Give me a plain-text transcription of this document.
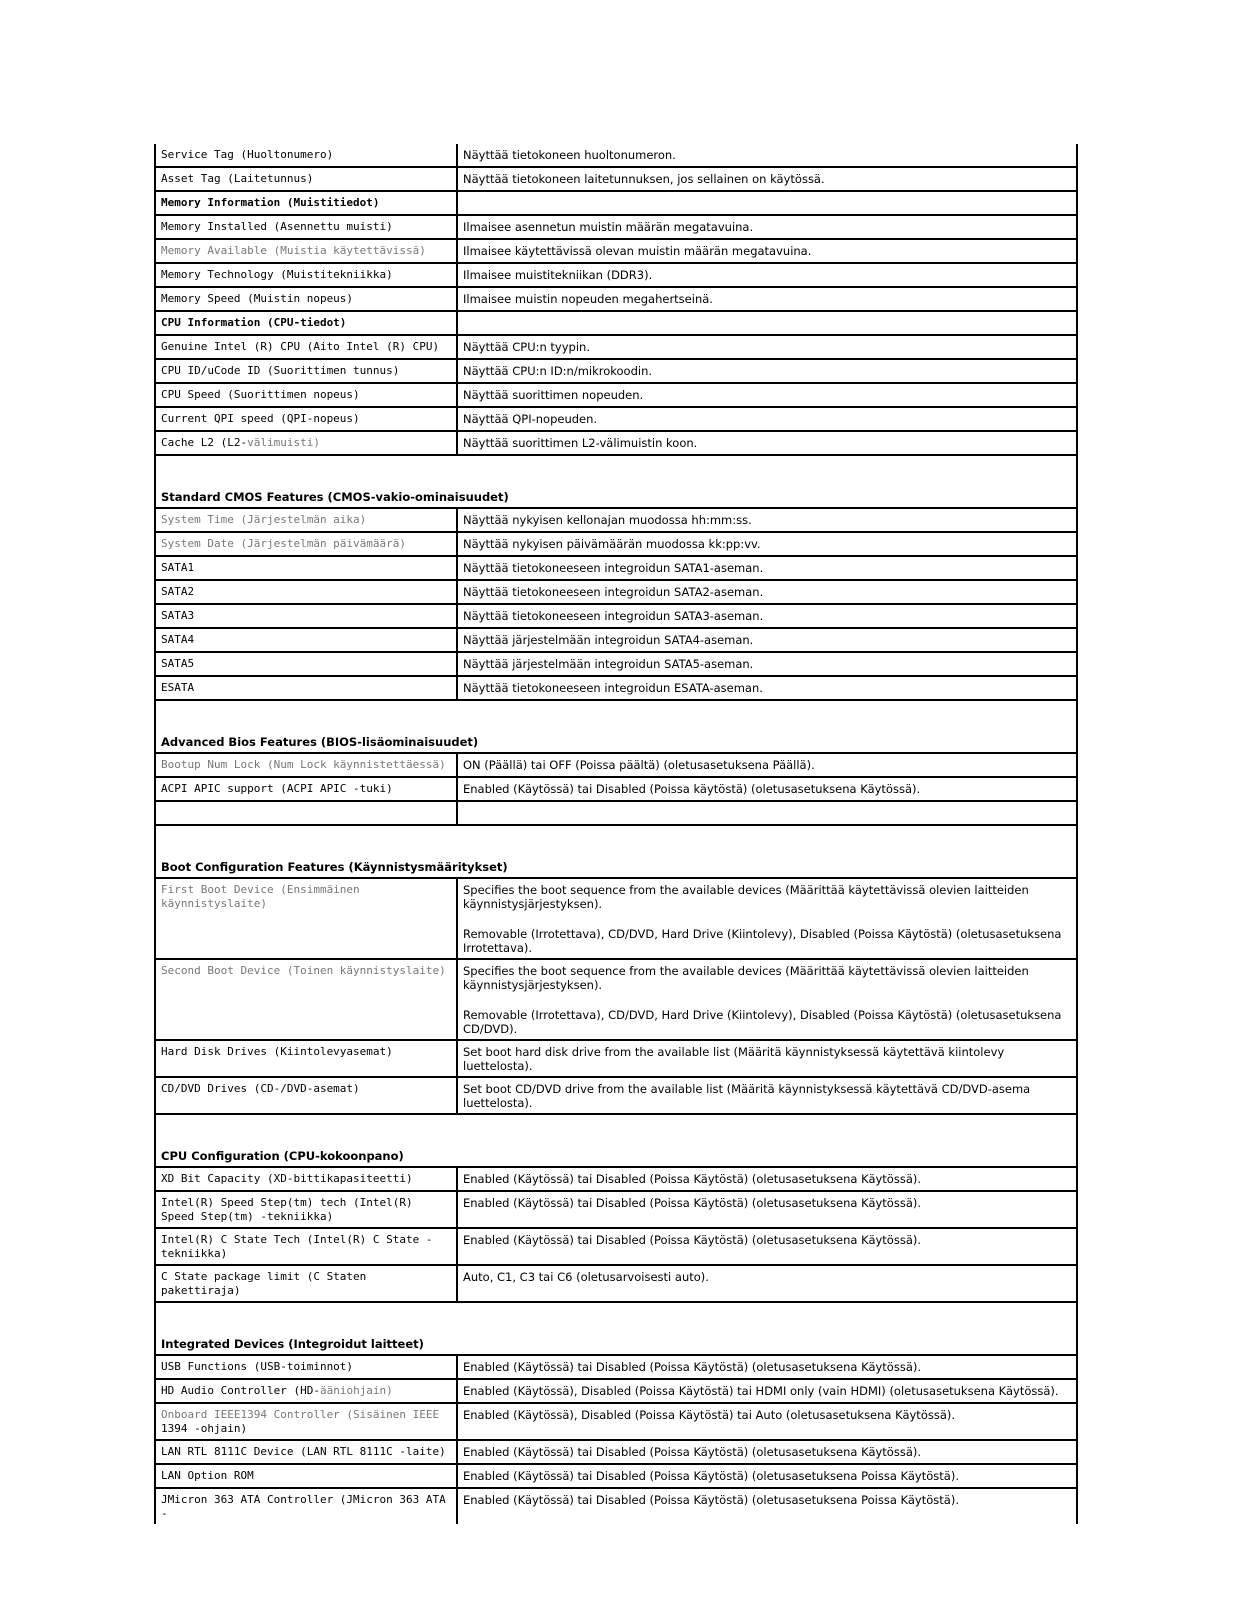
Service Tag (Huoltonumero)	Näyttää tietokoneen huoltonumeron.

Asset Tag (Laitetunnus)	Näyttää tietokoneen laitetunnuksen, jos sellainen on käytössä.

Memory Information (Muistitiedot)	
Memory Installed (Asennettu muisti)	Ilmaisee asennetun muistin määrän megatavuina.

Memory Available (Muistia käytettävissä)	Ilmaisee käytettävissä olevan muistin määrän megatavuina.

Memory Technology (Muistitekniikka)	Ilmaisee muistitekniikan (DDR3).

Memory Speed (Muistin nopeus)	Ilmaisee muistin nopeuden megahertseinä.

CPU Information (CPU-tiedot)	
Genuine Intel (R) CPU (Aito Intel (R) CPU)	Näyttää CPU:n tyypin.

CPU ID/uCode ID (Suorittimen tunnus)	Näyttää CPU:n ID:n/mikrokoodin.

CPU Speed (Suorittimen nopeus)	Näyttää suorittimen nopeuden.

Current QPI speed (QPI-nopeus)	Näyttää QPI-nopeuden.

Cache L2 (L2-välimuisti)	Näyttää suorittimen L2-välimuistin koon.

Standard CMOS Features (CMOS-vakio-ominaisuudet)	
System Time (Järjestelmän aika)	Näyttää nykyisen kellonajan muodossa hh:mm:ss.

System Date (Järjestelmän päivämäärä)	Näyttää nykyisen päivämäärän muodossa kk:pp:vv.

SATA1	Näyttää tietokoneeseen integroidun SATA1-aseman.

SATA2	Näyttää tietokoneeseen integroidun SATA2-aseman.

SATA3	Näyttää tietokoneeseen integroidun SATA3-aseman.

SATA4	Näyttää järjestelmään integroidun SATA4-aseman.

SATA5	Näyttää järjestelmään integroidun SATA5-aseman.

ESATA	Näyttää tietokoneeseen integroidun ESATA-aseman.

Advanced Bios Features (BIOS-lisäominaisuudet)	
Bootup Num Lock (Num Lock käynnistettäessä)	ON (Päällä) tai OFF (Poissa päältä) (oletusasetuksena Päällä).

ACPI APIC support (ACPI APIC -tuki)	Enabled (Käytössä) tai Disabled (Poissa käytöstä) (oletusasetuksena Käytössä).

Boot Configuration Features (Käynnistysmääritykset)	
First Boot Device (Ensimmäinen käynnistyslaite)	Specifies the boot sequence from the available devices (Määrittää käytettävissä olevien laitteiden käynnistysjärjestyksen).
Removable (Irrotettava), CD/DVD, Hard Drive (Kiintolevy), Disabled (Poissa Käytöstä) (oletusasetuksena Irrotettava).

Second Boot Device (Toinen käynnistyslaite)	Specifies the boot sequence from the available devices (Määrittää käytettävissä olevien laitteiden käynnistysjärjestyksen).
Removable (Irrotettava), CD/DVD, Hard Drive (Kiintolevy), Disabled (Poissa Käytöstä) (oletusasetuksena CD/DVD).

Hard Disk Drives (Kiintolevyasemat)	Set boot hard disk drive from the available list (Määritä käynnistyksessä käytettävä kiintolevy luettelosta).

CD/DVD Drives (CD-/DVD-asemat)	Set boot CD/DVD drive from the available list (Määritä käynnistyksessä käytettävä CD/DVD-asema luettelosta).

CPU Configuration (CPU-kokoonpano)	
XD Bit Capacity (XD-bittikapasiteetti)	Enabled (Käytössä) tai Disabled (Poissa Käytöstä) (oletusasetuksena Käytössä).

Intel(R) Speed Step(tm) tech (Intel(R) Speed Step(tm) -tekniikka)	Enabled (Käytössä) tai Disabled (Poissa Käytöstä) (oletusasetuksena Käytössä).

Intel(R) C State Tech (Intel(R) C State -tekniikka)	Enabled (Käytössä) tai Disabled (Poissa Käytöstä) (oletusasetuksena Käytössä).

C State package limit (C Staten pakettiraja)	Auto, C1, C3 tai C6 (oletusarvoisesti auto).

Integrated Devices (Integroidut laitteet)	
USB Functions (USB-toiminnot)	Enabled (Käytössä) tai Disabled (Poissa Käytöstä) (oletusasetuksena Käytössä).

HD Audio Controller (HD-ääniohjain)	Enabled (Käytössä), Disabled (Poissa Käytöstä) tai HDMI only (vain HDMI) (oletusasetuksena Käytössä).

Onboard IEEE1394 Controller (Sisäinen IEEE
1394 -ohjain)	Enabled (Käytössä), Disabled (Poissa Käytöstä) tai Auto (oletusasetuksena Käytössä).

LAN RTL 8111C Device (LAN RTL 8111C -laite)	Enabled (Käytössä) tai Disabled (Poissa Käytöstä) (oletusasetuksena Käytössä).

LAN Option ROM	Enabled (Käytössä) tai Disabled (Poissa Käytöstä) (oletusasetuksena Poissa Käytöstä).

JMicron 363 ATA Controller (JMicron 363 ATA -	Enabled (Käytössä) tai Disabled (Poissa Käytöstä) (oletusasetuksena Poissa Käytöstä).
